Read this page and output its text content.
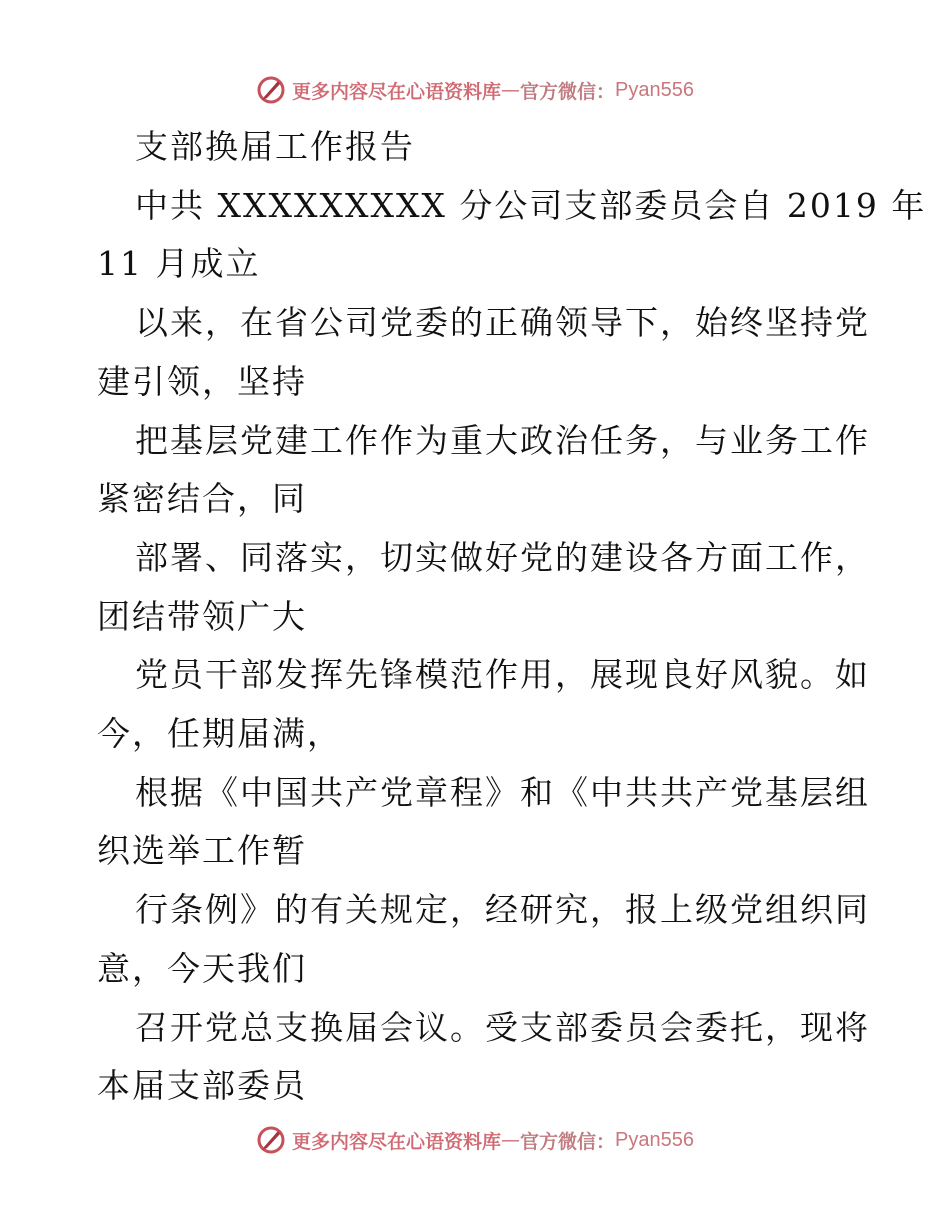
更多内容尽在心语资料库 — 官方微信： Pyan556
支部换届工作报告
中共 XXXXXXXXX 分公司支部委员会自 2019 年
11 月成立
以来，在省公司党委的正确领导下，始终坚持党
建引领，坚持
把基层党建工作作为重大政治任务，与业务工作
紧密结合，同
部署、同落实，切实做好党的建设各方面工作，
团结带领广大
党员干部发挥先锋模范作用，展现良好风貌。如
今，任期届满，
根据《中国共产党章程》和《中共共产党基层组
织选举工作暂
行条例》的有关规定，经研究，报上级党组织同
意，今天我们
召开党总支换届会议。受支部委员会委托，现将
本届支部委员
更多内容尽在心语资料库 — 官方微信： Pyan556
